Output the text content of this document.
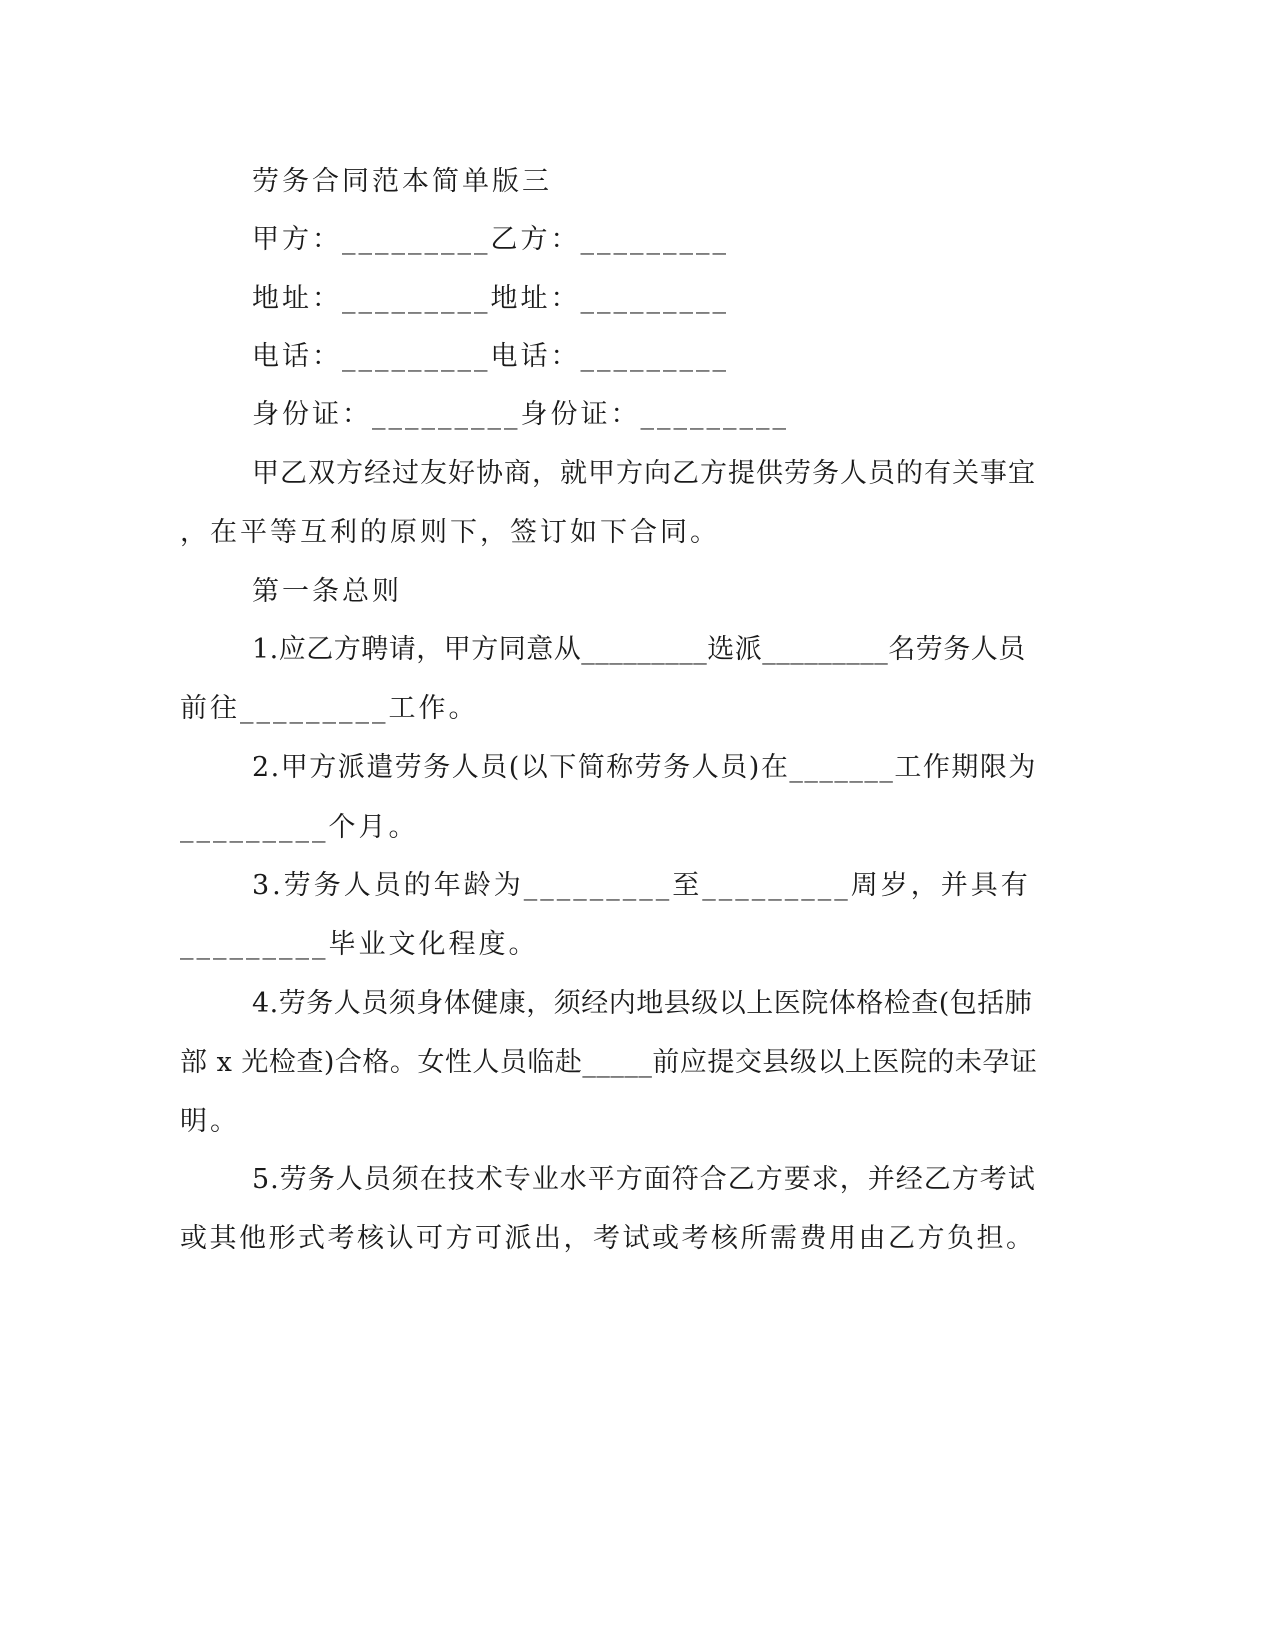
劳务合同范本简单版三
甲方：_________乙方：_________
地址：_________地址：_________
电话：_________电话：_________
身份证：_________身份证：_________
甲乙双方经过友好协商，就甲方向乙方提供劳务人员的有关事宜
，在平等互利的原则下，签订如下合同。
第一条总则
1.应乙方聘请，甲方同意从_________选派_________名劳务人员
前往_________工作。
2.甲方派遣劳务人员(以下简称劳务人员)在_______工作期限为
_________个月。
3.劳务人员的年龄为_________至_________周岁，并具有
_________毕业文化程度。
4.劳务人员须身体健康，须经内地县级以上医院体格检查(包括肺
部 x 光检查)合格。女性人员临赴_____前应提交县级以上医院的未孕证
明。
5.劳务人员须在技术专业水平方面符合乙方要求，并经乙方考试
或其他形式考核认可方可派出，考试或考核所需费用由乙方负担。
